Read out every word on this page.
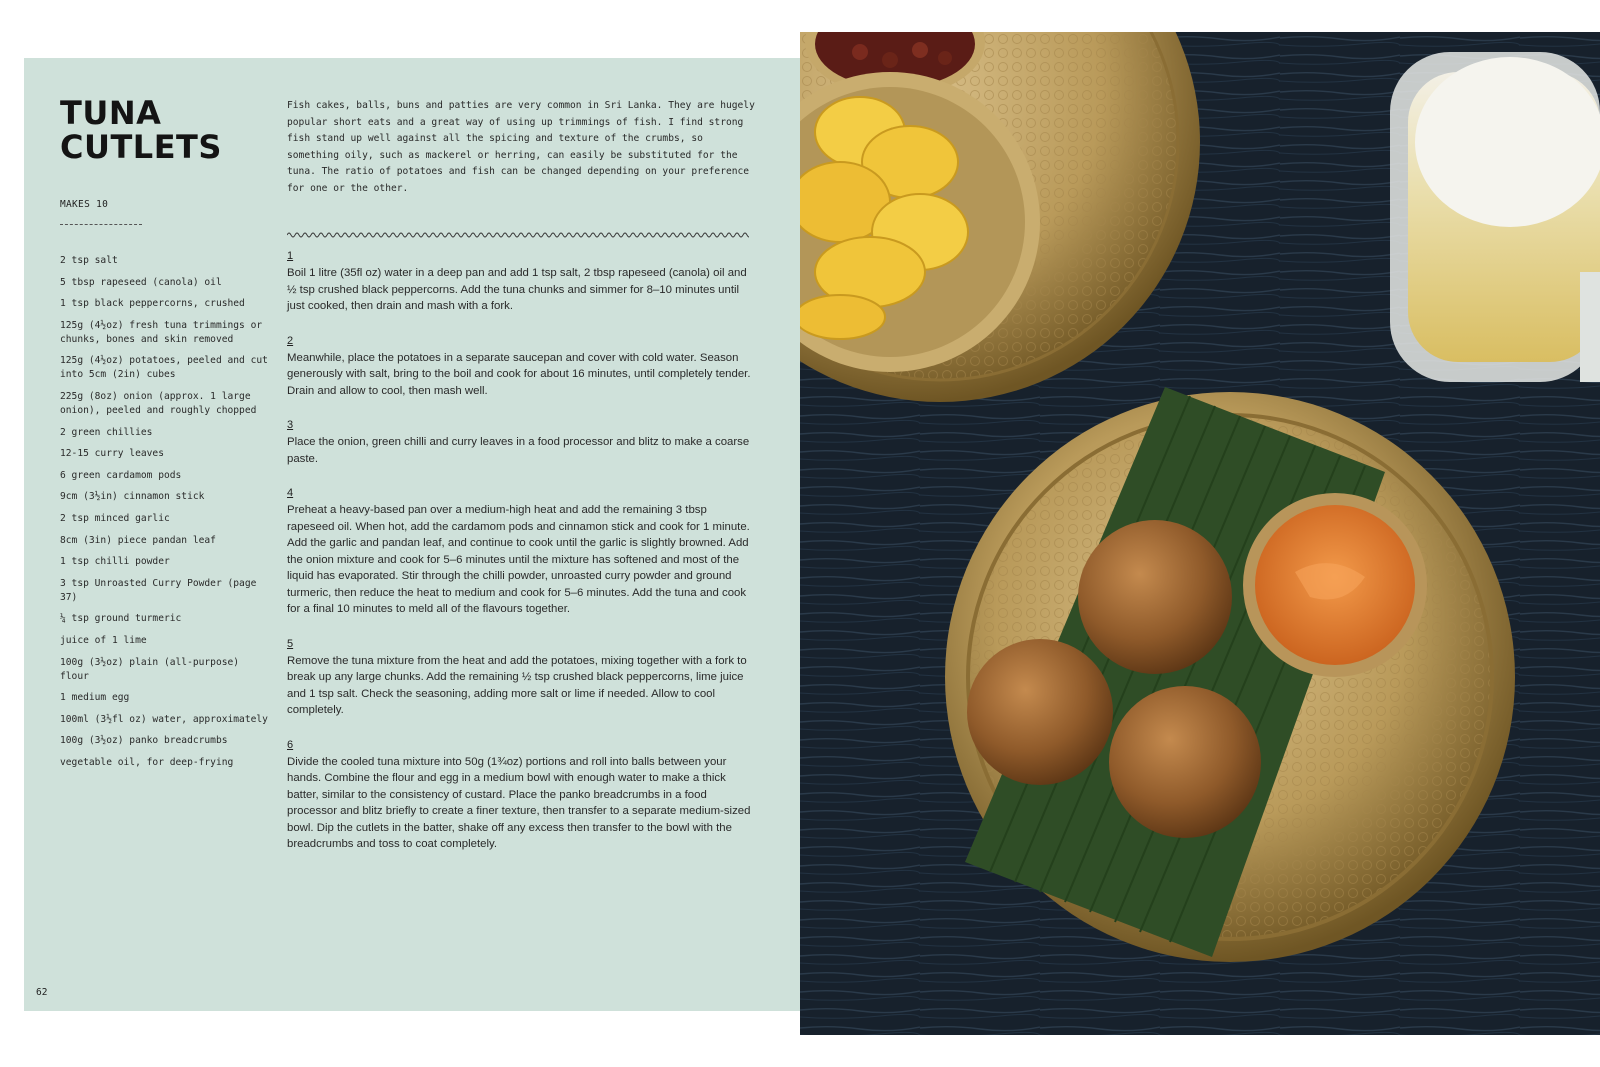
TUNA
CUTLETS
MAKES 10
2 tsp salt
5 tbsp rapeseed (canola) oil
1 tsp black peppercorns, crushed
125g (4½oz) fresh tuna trimmings or chunks, bones and skin removed
125g (4½oz) potatoes, peeled and cut into 5cm (2in) cubes
225g (8oz) onion (approx. 1 large onion), peeled and roughly chopped
2 green chillies
12-15 curry leaves
6 green cardamom pods
9cm (3½in) cinnamon stick
2 tsp minced garlic
8cm (3in) piece pandan leaf
1 tsp chilli powder
3 tsp Unroasted Curry Powder (page 37)
¼ tsp ground turmeric
juice of 1 lime
100g (3½oz) plain (all-purpose) flour
1 medium egg
100ml (3½fl oz) water, approximately
100g (3½oz) panko breadcrumbs
vegetable oil, for deep-frying

Fish cakes, balls, buns and patties are very common in Sri Lanka. They are hugely popular short eats and a great way of using up trimmings of fish. I find strong fish stand up well against all the spicing and texture of the crumbs, so something oily, such as mackerel or herring, can easily be substituted for the tuna. The ratio of potatoes and fish can be changed depending on your preference for one or the other.

1

Boil 1 litre (35fl oz) water in a deep pan and add 1 tsp salt, 2 tbsp rapeseed (canola) oil and ½ tsp crushed black peppercorns. Add the tuna chunks and simmer for 8–10 minutes until just cooked, then drain and mash with a fork.

2

Meanwhile, place the potatoes in a separate saucepan and cover with cold water. Season generously with salt, bring to the boil and cook for about 16 minutes, until completely tender. Drain and allow to cool, then mash well.

3

Place the onion, green chilli and curry leaves in a food processor and blitz to make a coarse paste.

4

Preheat a heavy-based pan over a medium-high heat and add the remaining 3 tbsp rapeseed oil. When hot, add the cardamom pods and cinnamon stick and cook for 1 minute. Add the garlic and pandan leaf, and continue to cook until the garlic is slightly browned. Add the onion mixture and cook for 5–6 minutes until the mixture has softened and most of the liquid has evaporated. Stir through the chilli powder, unroasted curry powder and ground turmeric, then reduce the heat to medium and cook for 5–6 minutes. Add the tuna and cook for a final 10 minutes to meld all of the flavours together.

5

Remove the tuna mixture from the heat and add the potatoes, mixing together with a fork to break up any large chunks. Add the remaining ½ tsp crushed black peppercorns, lime juice and 1 tsp salt. Check the seasoning, adding more salt or lime if needed. Allow to cool completely.

6

Divide the cooled tuna mixture into 50g (1¾oz) portions and roll into balls between your hands. Combine the flour and egg in a medium bowl with enough water to make a thick batter, similar to the consistency of custard. Place the panko breadcrumbs in a food processor and blitz briefly to create a finer texture, then transfer to a separate medium-sized bowl. Dip the cutlets in the batter, shake off any excess then transfer to the bowl with the breadcrumbs and toss to coat completely.

62
